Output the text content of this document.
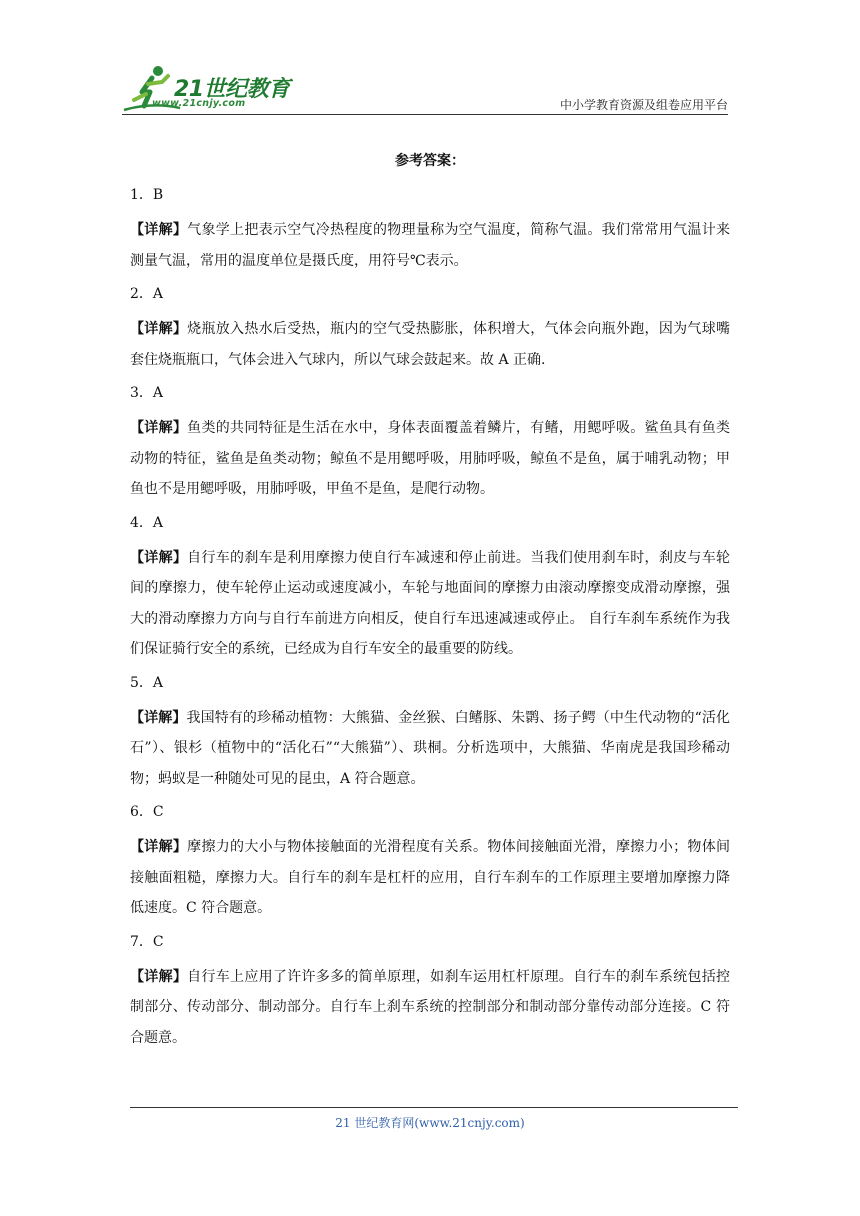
21世纪教育
www.21cnjy.com	中小学教育资源及组卷应用平台
参考答案：
1．B
【详解】气象学上把表示空气冷热程度的物理量称为空气温度，简称气温。我们常常用气温计来测量气温，常用的温度单位是摄氏度，用符号℃表示。
2．A
【详解】烧瓶放入热水后受热，瓶内的空气受热膨胀，体积增大，气体会向瓶外跑，因为气球嘴套住烧瓶瓶口，气体会进入气球内，所以气球会鼓起来。故 A 正确.
3．A
【详解】鱼类的共同特征是生活在水中，身体表面覆盖着鳞片，有鳍，用鳃呼吸。鲨鱼具有鱼类动物的特征，鲨鱼是鱼类动物；鲸鱼不是用鳃呼吸，用肺呼吸，鲸鱼不是鱼，属于哺乳动物；甲鱼也不是用鳃呼吸，用肺呼吸，甲鱼不是鱼，是爬行动物。
4．A
【详解】自行车的刹车是利用摩擦力使自行车减速和停止前进。当我们使用刹车时，刹皮与车轮间的摩擦力，使车轮停止运动或速度减小，车轮与地面间的摩擦力由滚动摩擦变成滑动摩擦，强大的滑动摩擦力方向与自行车前进方向相反，使自行车迅速减速或停止。 自行车刹车系统作为我们保证骑行安全的系统，已经成为自行车安全的最重要的防线。
5．A
【详解】我国特有的珍稀动植物：大熊猫、金丝猴、白鳍豚、朱鹮、扬子鳄（中生代动物的“活化石”）、银杉（植物中的“活化石”“大熊猫”）、珙桐。分析选项中，大熊猫、华南虎是我国珍稀动物；蚂蚁是一种随处可见的昆虫，A 符合题意。
6．C
【详解】摩擦力的大小与物体接触面的光滑程度有关系。物体间接触面光滑，摩擦力小；物体间接触面粗糙，摩擦力大。自行车的刹车是杠杆的应用，自行车刹车的工作原理主要增加摩擦力降低速度。C 符合题意。
7．C
【详解】自行车上应用了许许多多的简单原理，如刹车运用杠杆原理。自行车的刹车系统包括控制部分、传动部分、制动部分。自行车上刹车系统的控制部分和制动部分靠传动部分连接。C 符合题意。
21 世纪教育网(www.21cnjy.com)
